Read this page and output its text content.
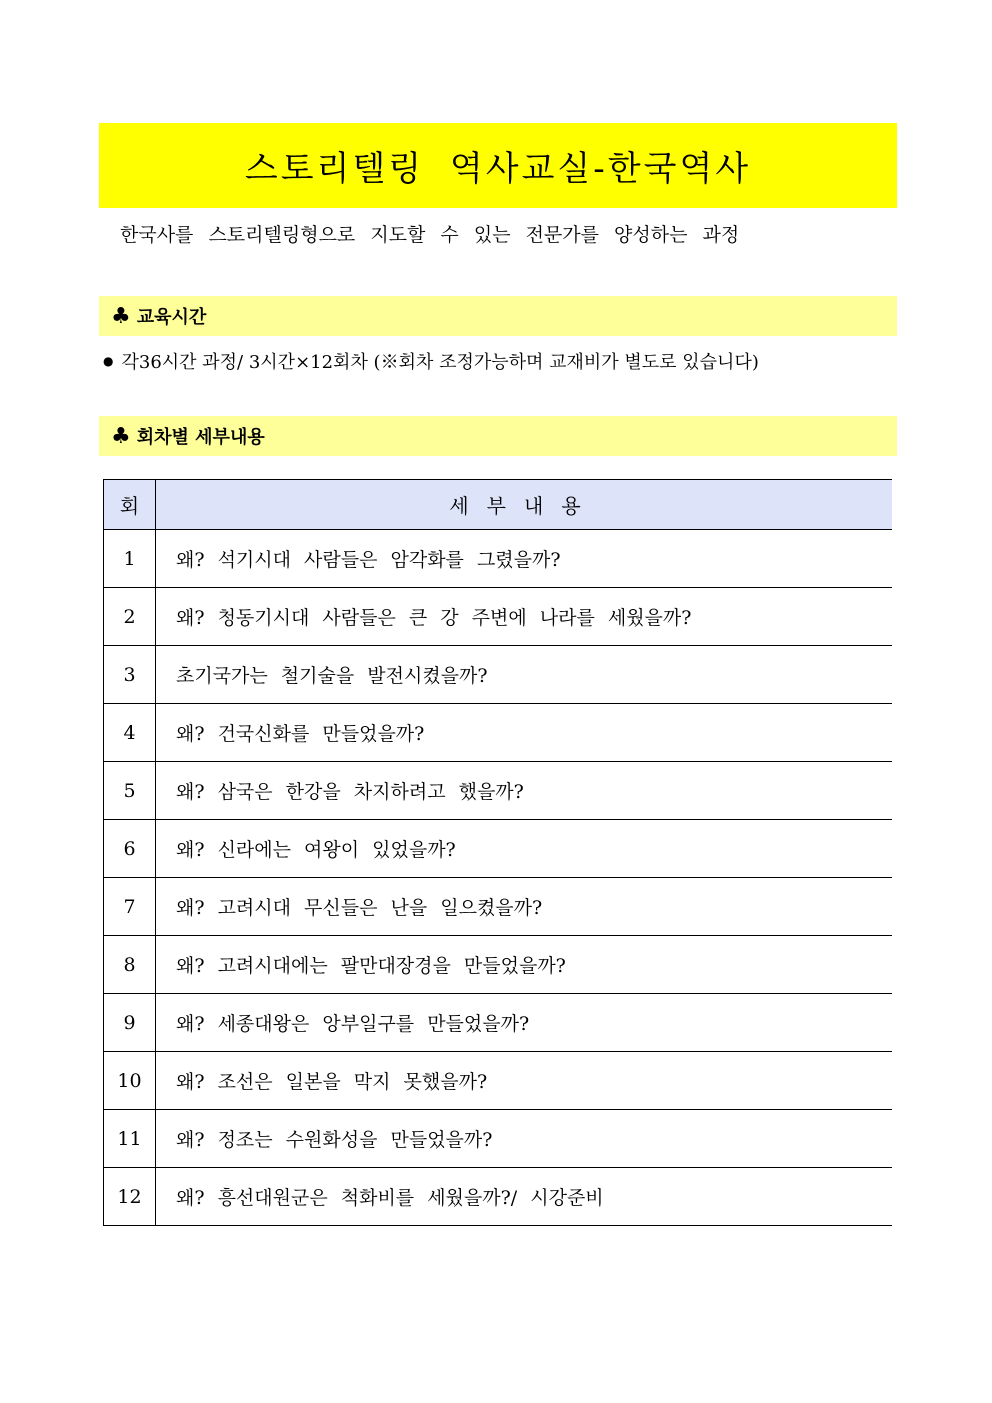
스토리텔링 역사교실-한국역사
한국사를 스토리텔링형으로 지도할 수 있는 전문가를 양성하는 과정
♣ 교육시간
● 각36시간 과정/ 3시간×12회차 (※회차 조정가능하며 교재비가 별도로 있습니다)
♣ 회차별 세부내용
회	세부내용
1	왜? 석기시대 사람들은 암각화를 그렸을까?
2	왜? 청동기시대 사람들은 큰 강 주변에 나라를 세웠을까?
3	초기국가는 철기술을 발전시켰을까?
4	왜? 건국신화를 만들었을까?
5	왜? 삼국은 한강을 차지하려고 했을까?
6	왜? 신라에는 여왕이 있었을까?
7	왜? 고려시대 무신들은 난을 일으켰을까?
8	왜? 고려시대에는 팔만대장경을 만들었을까?
9	왜? 세종대왕은 앙부일구를 만들었을까?
10	왜? 조선은 일본을 막지 못했을까?
11	왜? 정조는 수원화성을 만들었을까?
12	왜? 흥선대원군은 척화비를 세웠을까?/ 시강준비
